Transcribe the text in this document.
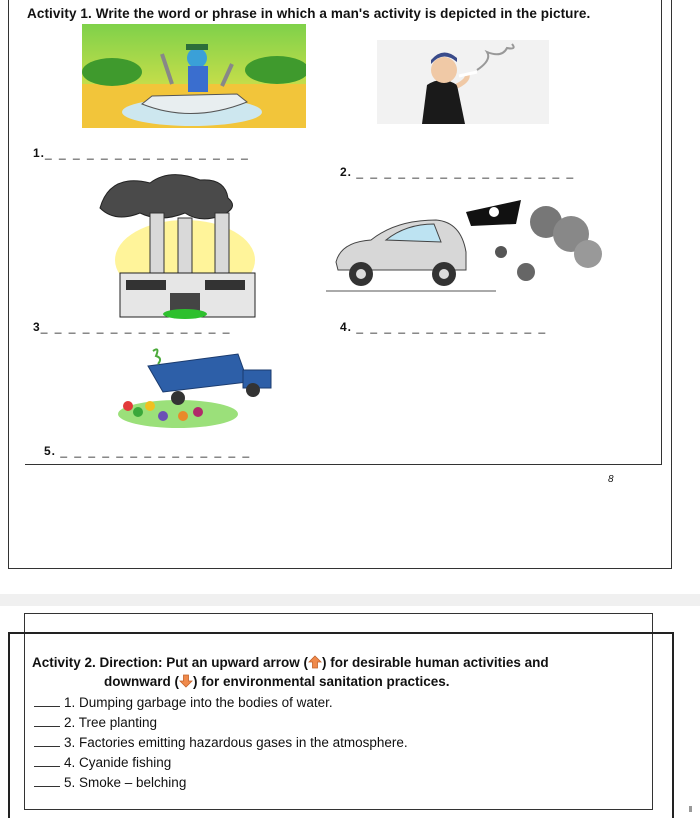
Activity 1. Write the word or phrase in which a man's activity is depicted in the picture.
1._ _ _ _ _ _ _ _ _ _ _ _ _ _ _
2. _ _ _ _ _ _ _ _ _ _ _ _ _ _ _ _
3_ _ _ _ _ _ _ _ _ _ _ _ _ _	4. _ _ _ _ _ _ _ _ _ _ _ _ _ _
5. _ _ _ _ _ _ _ _ _ _ _ _ _ _
8
Activity 2. Direction: Put an upward arrow ( ) for desirable human activities and
downward ( ) for environmental sanitation practices.
1. Dumping garbage into the bodies of water.
2. Tree planting
3. Factories emitting hazardous gases in the atmosphere.
4. Cyanide fishing
5. Smoke – belching
